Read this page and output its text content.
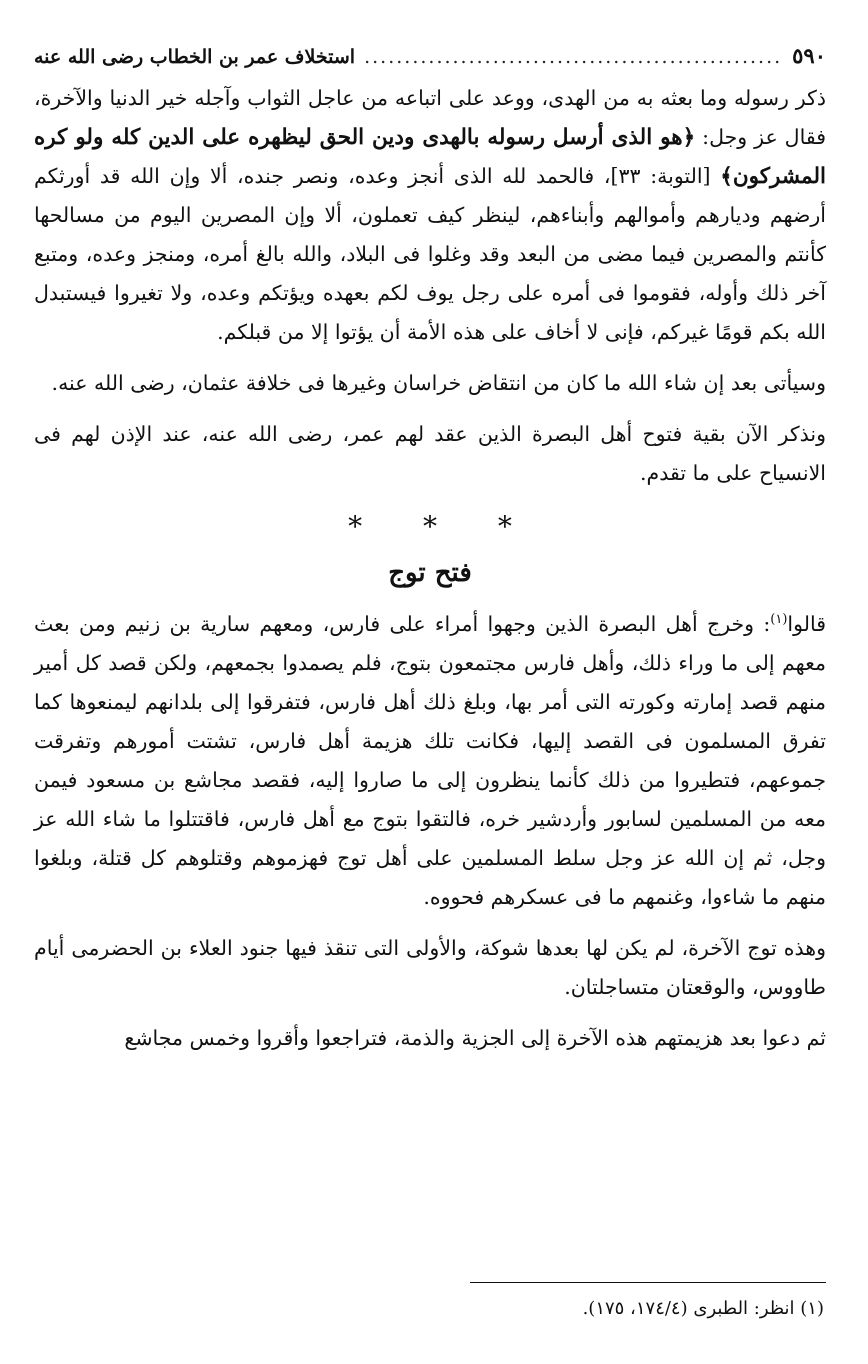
٥٩٠
.....
استخلاف عمر بن الخطاب رضى الله عنه

ذكر رسوله وما بعثه به من الهدى، ووعد على اتباعه من عاجل الثواب وآجله خير الدنيا والآخرة، فقال عز وجل: ﴿هو الذى أرسل رسوله بالهدى ودين الحق ليظهره على الدين كله ولو كره المشركون﴾ [التوبة: ٣٣]، فالحمد لله الذى أنجز وعده، ونصر جنده، ألا وإن الله قد أورثكم أرضهم وديارهم وأموالهم وأبناءهم، لينظر كيف تعملون، ألا وإن المصرين اليوم من مسالحها كأنتم والمصرين فيما مضى من البعد وقد وغلوا فى البلاد، والله بالغ أمره، ومنجز وعده، ومتبع آخر ذلك وأوله، فقوموا فى أمره على رجل يوف لكم بعهده ويؤتكم وعده، ولا تغيروا فيستبدل الله بكم قومًا غيركم، فإنى لا أخاف على هذه الأمة أن يؤتوا إلا من قبلكم.

وسيأتى بعد إن شاء الله ما كان من انتقاض خراسان وغيرها فى خلافة عثمان، رضى الله عنه.

ونذكر الآن بقية فتوح أهل البصرة الذين عقد لهم عمر، رضى الله عنه، عند الإذن لهم فى الانسياح على ما تقدم.

* * *
فتح توج

قالوا$^{(١)}$: وخرج أهل البصرة الذين وجهوا أمراء على فارس، ومعهم سارية بن زنيم ومن بعث معهم إلى ما وراء ذلك، وأهل فارس مجتمعون بتوج، فلم يصمدوا بجمعهم، ولكن قصد كل أمير منهم قصد إمارته وكورته التى أمر بها، وبلغ ذلك أهل فارس، فتفرقوا إلى بلدانهم ليمنعوها كما تفرق المسلمون فى القصد إليها، فكانت تلك هزيمة أهل فارس، تشتت أمورهم وتفرقت جموعهم، فتطيروا من ذلك كأنما ينظرون إلى ما صاروا إليه، فقصد مجاشع بن مسعود فيمن معه من المسلمين لسابور وأردشير خره، فالتقوا بتوج مع أهل فارس، فاقتتلوا ما شاء الله عز وجل، ثم إن الله عز وجل سلط المسلمين على أهل توج فهزموهم وقتلوهم كل قتلة، وبلغوا منهم ما شاءوا، وغنمهم ما فى عسكرهم فحووه.

وهذه توج الآخرة، لم يكن لها بعدها شوكة، والأولى التى تنقذ فيها جنود العلاء بن الحضرمى أيام طاووس، والوقعتان متساجلتان.

ثم دعوا بعد هزيمتهم هذه الآخرة إلى الجزية والذمة، فتراجعوا وأقروا وخمس مجاشع

(١) انظر: الطبرى (١٧٤/٤، ١٧٥).
